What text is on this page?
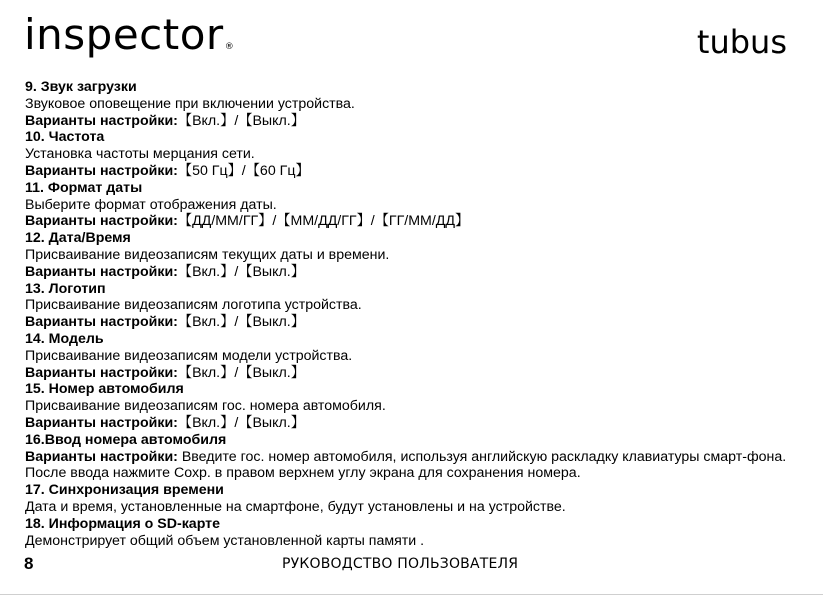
inspector®	tubus

9. Звук загрузки

Звуковое оповещение при включении устройства.

Варианты настройки:【Вкл.】/【Выкл.】

10. Частота

Установка частоты мерцания сети.

Варианты настройки:【50 Гц】/【60 Гц】

11. Формат даты

Выберите формат отображения даты.

Варианты настройки:【ДД/ММ/ГГ】/【ММ/ДД/ГГ】/【ГГ/ММ/ДД】

12. Дата/Время

Присваивание видеозаписям текущих даты и времени.

Варианты настройки:【Вкл.】/【Выкл.】

13. Логотип

Присваивание видеозаписям логотипа устройства.

Варианты настройки:【Вкл.】/【Выкл.】

14. Модель

Присваивание видеозаписям модели устройства.

Варианты настройки:【Вкл.】/【Выкл.】

15. Номер автомобиля

Присваивание видеозаписям гос. номера автомобиля.

Варианты настройки:【Вкл.】/【Выкл.】

16.Ввод номера автомобиля

Варианты настройки: Введите гос. номер автомобиля, используя английскую раскладку клавиатуры смарт-фона. После ввода нажмите Сохр. в правом верхнем углу экрана для сохранения номера.

17. Синхронизация времени

Дата и время, установленные на смартфоне, будут установлены и на устройстве.

18. Информация о SD-карте

Демонстрирует общий объем установленной карты памяти .

8	РУКОВОДСТВО ПОЛЬЗОВАТЕЛЯ
